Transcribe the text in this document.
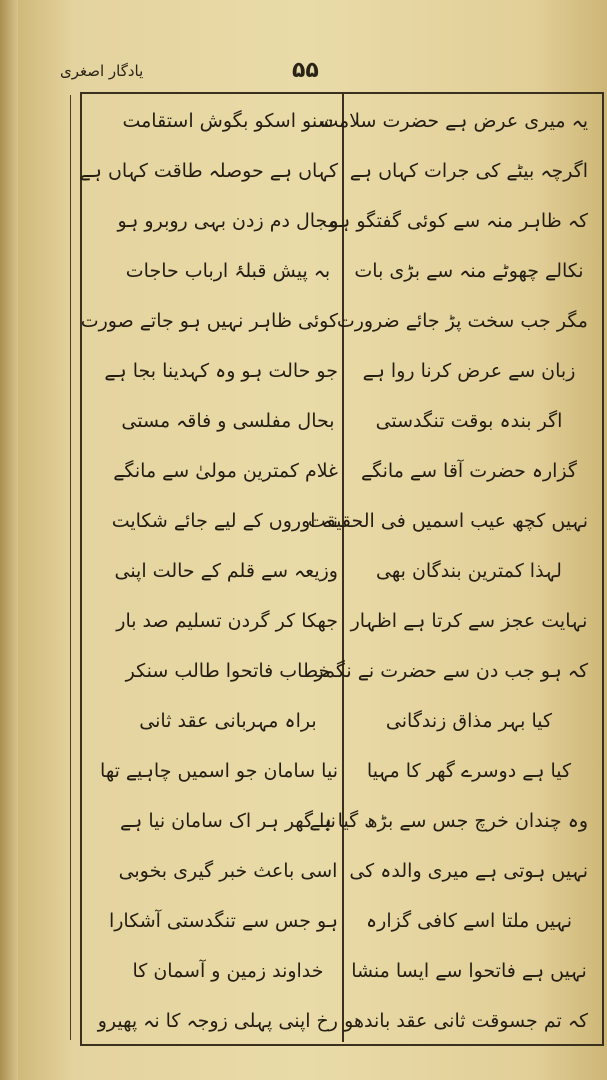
یادگار اصغری	۵۵
یہ میری عرض ہے حضرت سلامت
اگرچہ بیٹے کی جرات کہاں ہے
کہ ظاہر منہ سے کوئی گفتگو ہو
نکالے چھوٹے منہ سے بڑی بات
مگر جب سخت پڑ جائے ضرورت
زبان سے عرض کرنا روا ہے
اگر بندہ بوقت تنگدستی
گزارہ حضرت آقا سے مانگے
نہیں کچھ عیب اسمیں فی الحقیقت
لہذا کمترین بندگان بھی
نہایت عجز سے کرتا ہے اظہار
کہ ہو جب دن سے حضرت نے نگمر
کیا بہر مذاق زندگانی
کیا ہے دوسرے گھر کا مہیا
وہ چندان خرچ جس سے بڑھ گیا ہے
نہیں ہوتی ہے میری والدہ کی
نہیں ملتا اسے کافی گزارہ
نہیں ہے فاتحوا سے ایسا منشا
کہ تم جسوقت ثانی عقد باندھو
سنو اسکو بگوش استقامت
کہاں ہے حوصلہ طاقت کہاں ہے
مجال دم زدن بہی روبرو ہو
بہ پیش قبلۂ ارباب حاجات
کوئی ظاہر نہیں ہو جاتے صورت
جو حالت ہو وہ کہدینا بجا ہے
بحال مفلسی و فاقہ مستی
غلام کمترین مولیٰ سے مانگے
نہ اوروں کے لیے جائے شکایت
وزیعہ سے قلم کے حالت اپنی
جھکا کر گردن تسلیم صد بار
خطاب فاتحوا طالب سنکر
براہ مہربانی عقد ثانی
نیا سامان جو اسمیں چاہیے تھا
نیا گھر ہر اک سامان نیا ہے
اسی باعث خبر گیری بخوبی
ہو جس سے تنگدستی آشکارا
خداوند زمین و آسمان کا
رخ اپنی پہلی زوجہ کا نہ پھیرو
